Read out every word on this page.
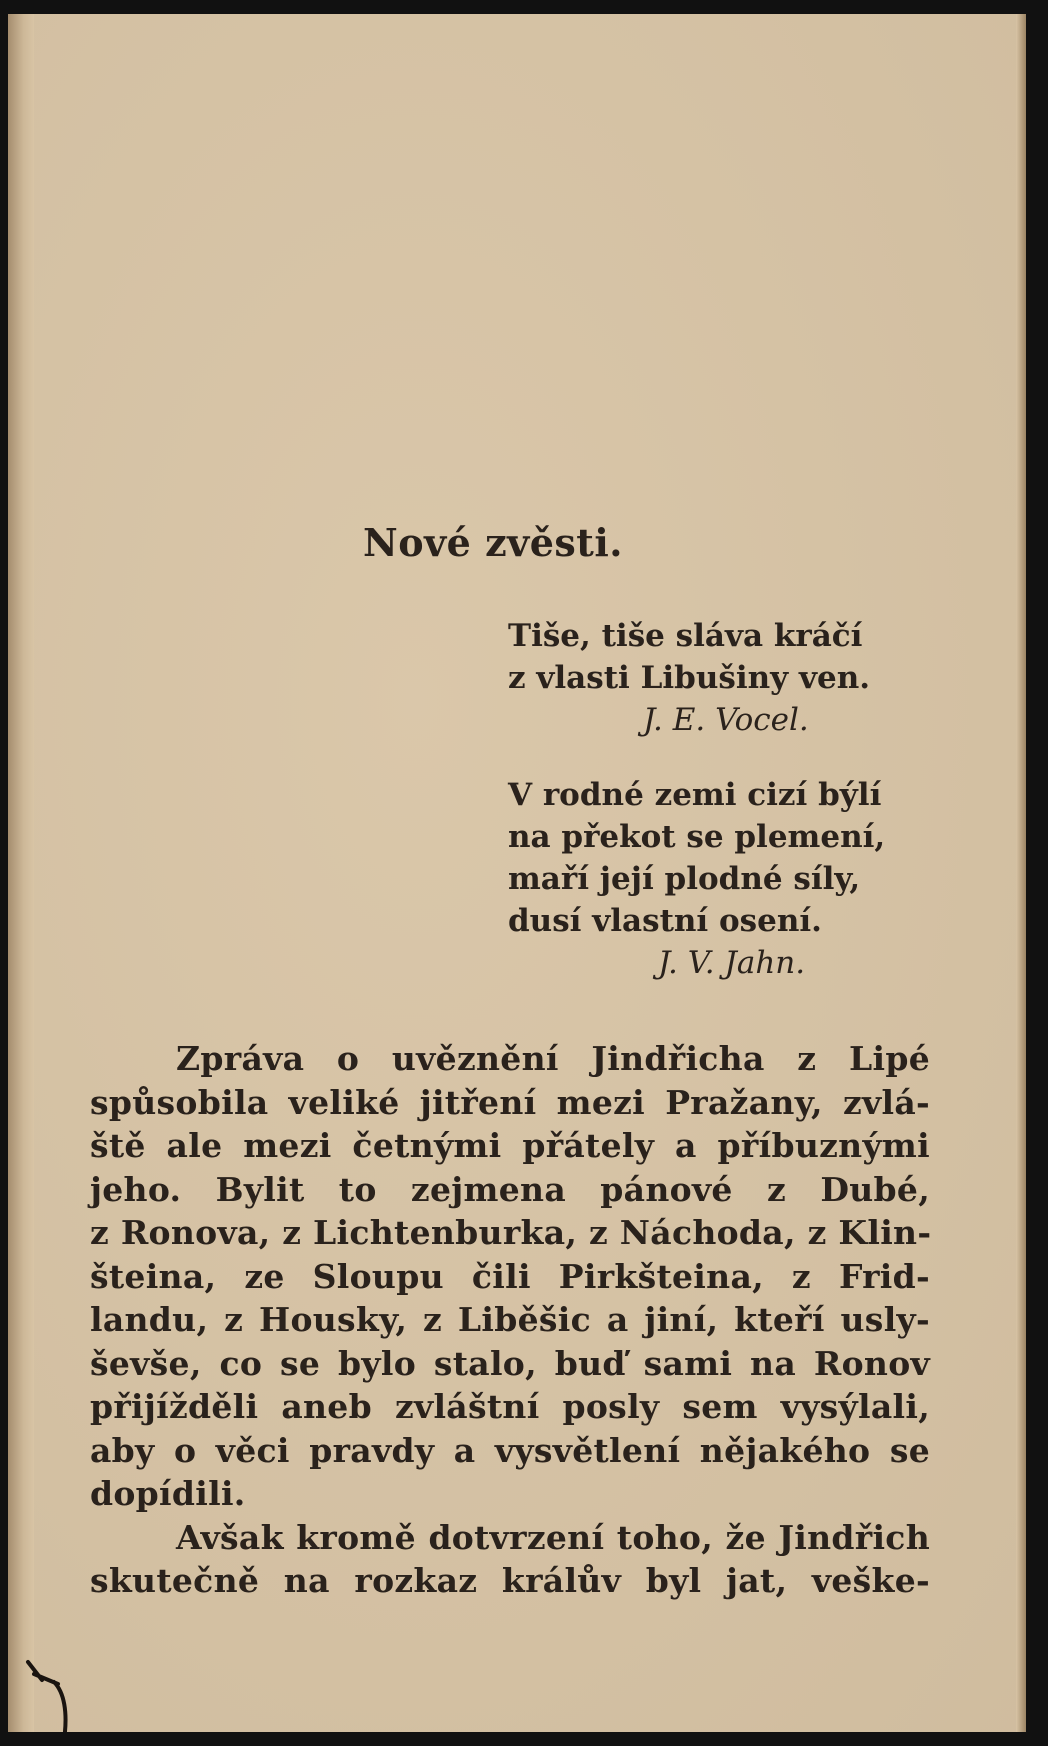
Nové zvěsti.
Tiše, tiše sláva kráčí
z vlasti Libušiny ven.
J. E. Vocel.
V rodné zemi cizí býlí
na překot se plemení,
maří její plodné síly,
dusí vlastní osení.
J. V. Jahn.
Zpráva o uvěznění Jindřicha z Lipé
spůsobila veliké jitření mezi Pražany, zvlá-
ště ale mezi četnými přátely a příbuznými
jeho. Bylit to zejmena pánové z Dubé,
z Ronova, z Lichtenburka, z Náchoda, z Klin-
šteina, ze Sloupu čili Pirkšteina, z Frid-
landu, z Housky, z Liběšic a jiní, kteří usly-
ševše, co se bylo stalo, buď sami na Ronov
přijížděli aneb zvláštní posly sem vysýlali,
aby o věci pravdy a vysvětlení nějakého se
dopídili.
Avšak kromě dotvrzení toho, že Jindřich
skutečně na rozkaz králův byl jat, veške-
